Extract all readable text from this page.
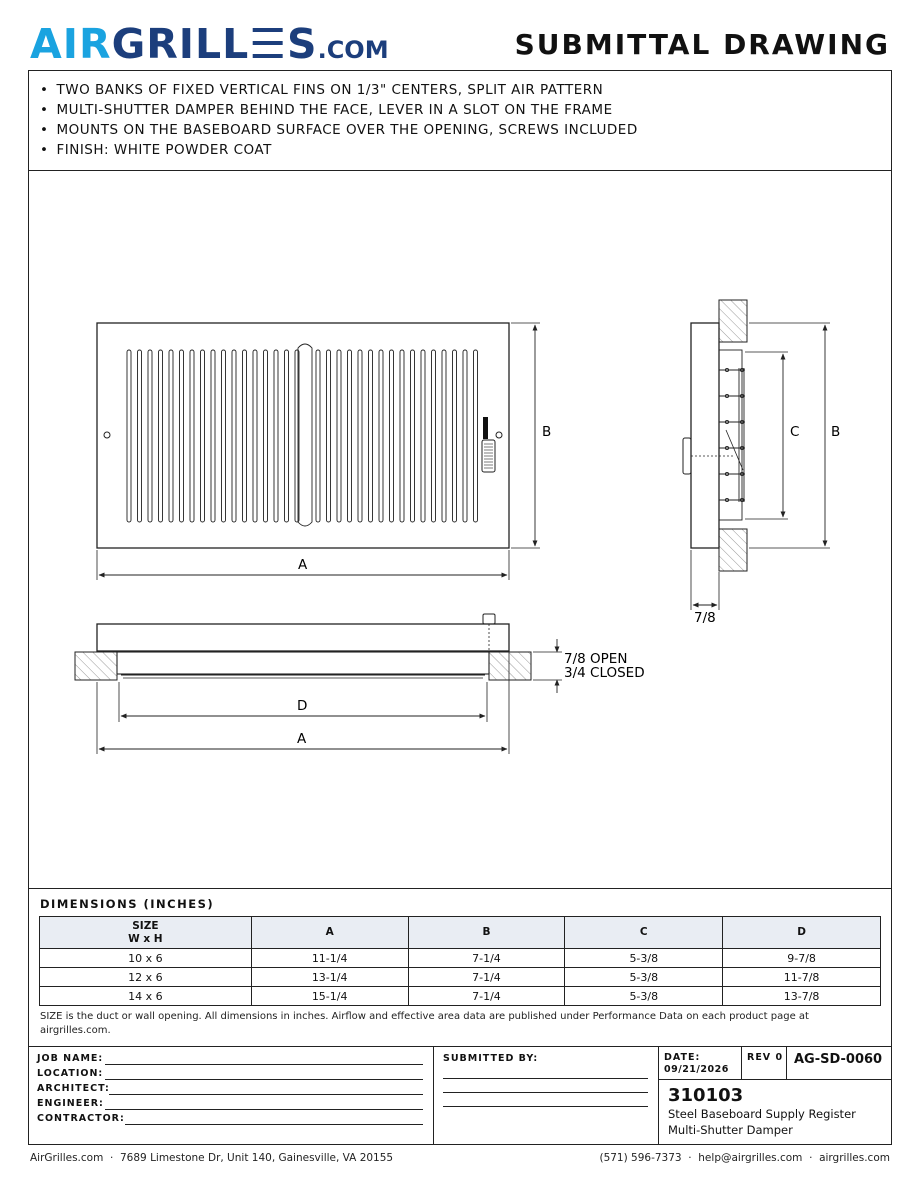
AIRGRILL☰S.COM	SUBMITTAL DRAWING
• TWO BANKS OF FIXED VERTICAL FINS ON 1/3" CENTERS, SPLIT AIR PATTERN
• MULTI-SHUTTER DAMPER BEHIND THE FACE, LEVER IN A SLOT ON THE FRAME
• MOUNTS ON THE BASEBOARD SURFACE OVER THE OPENING, SCREWS INCLUDED
• FINISH: WHITE POWDER COAT
B
A
C B
7/8
7/8 OPEN
3/4 CLOSED
D
A
DIMENSIONS (INCHES)
SIZE
W x H	A	B	C	D
10 x 6	11-1/4	7-1/4	5-3/8	9-7/8
12 x 6	13-1/4	7-1/4	5-3/8	11-7/8
14 x 6	15-1/4	7-1/4	5-3/8	13-7/8
SIZE is the duct or wall opening. All dimensions in inches. Airflow and effective area data are published under Performance Data on each product page at airgrilles.com.
JOB NAME:
LOCATION:
ARCHITECT:
ENGINEER:
CONTRACTOR:
SUBMITTED BY:	DATE:
09/21/2026
REV 0 AG-SD-0060
310103
Steel Baseboard Supply Register
Multi-Shutter Damper
AirGrilles.com  ·  7689 Limestone Dr, Unit 140, Gainesville, VA 20155	(571) 596-7373  ·  help@airgrilles.com  ·  airgrilles.com
